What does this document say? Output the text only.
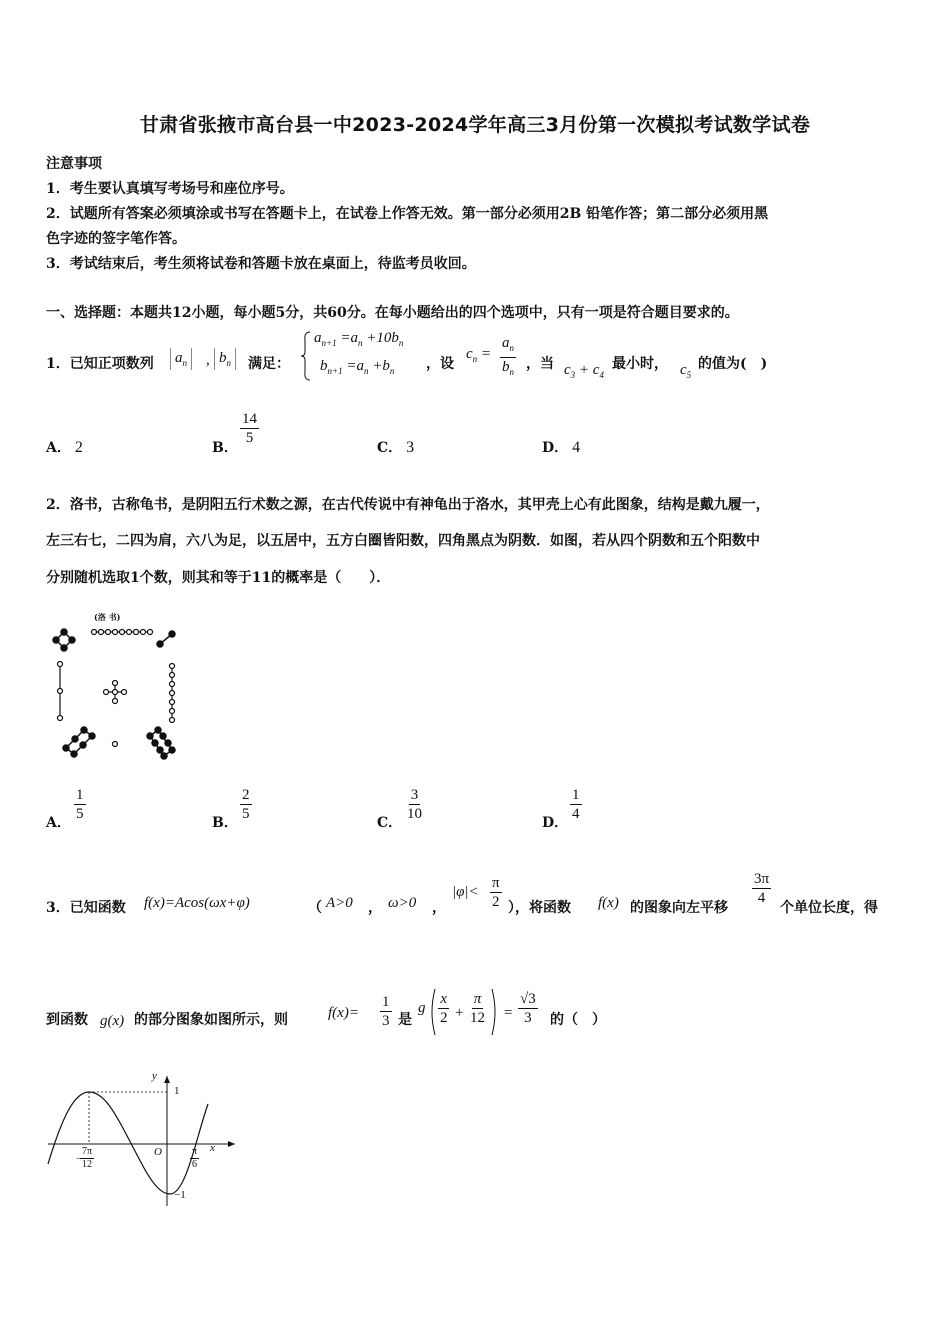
甘肃省张掖市高台县一中2023-2024学年高三3月份第一次模拟考试数学试卷
注意事项
1．考生要认真填写考场号和座位序号。
2．试题所有答案必须填涂或书写在答题卡上，在试卷上作答无效。第一部分必须用2B 铅笔作答；第二部分必须用黑
色字迹的签字笔作答。
3．考试结束后，考生须将试卷和答题卡放在桌面上，待监考员收回。
一、选择题：本题共12小题，每小题5分，共60分。在每小题给出的四个选项中，只有一项是符合题目要求的。
1．已知正项数列	$a_n$	, $b_n$	满足：
$a_{n+1} =a_n +10b_n$
$b_{n+1} =a_n +b_n$ ，设
$c_n = \frac{a_n}{b_n}$ ，当 $c_3 + c_4$
最小时， $c_5$
的值为(　)
A． 2	B．
$\frac{14}{5}$
C． 3	D． 4
2．洛书，古称龟书，是阴阳五行术数之源，在古代传说中有神龟出于洛水，其甲壳上心有此图象，结构是戴九履一，
左三右七，二四为肩，六八为足，以五居中，五方白圈皆阳数，四角黑点为阴数．如图，若从四个阴数和五个阳数中
分别随机选取1个数，则其和等于11的概率是（　　）．
(洛 书)
A． $\frac{1}{5}$	B． $\frac{2}{5}$	C． $\frac{3}{10}$	D． $\frac{1}{4}$
3．已知函数 f(x)=Acos(ωx+φ)	（ A>0 ， ω>0 ，
$|\varphi|< \frac{\pi}{2}$ ），将函数 f(x) 的图象向左平移
$\frac{3\pi}{4}$
个单位长度，得
到函数 g(x) 的部分图象如图所示，则	$f(x)= \frac{1}{3}$ 是
g $\frac{x}{2} + \frac{\pi}{12} = \frac{√3}{3}$ 的（　）
y
x
O
1
−1
−
$\frac{7\pi}{12}$	$\frac{\pi}{6}$
